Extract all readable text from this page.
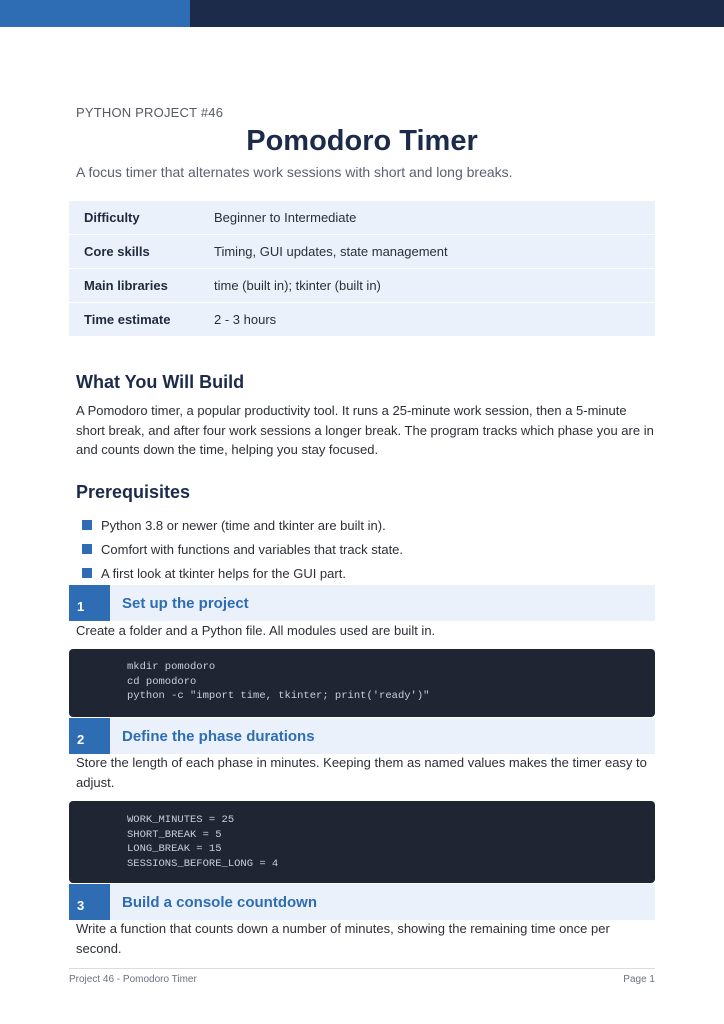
PYTHON PROJECT #46
Pomodoro Timer
A focus timer that alternates work sessions with short and long breaks.
Difficulty	Beginner to Intermediate
Core skills	Timing, GUI updates, state management
Main libraries	time (built in); tkinter (built in)
Time estimate	2 - 3 hours
What You Will Build

A Pomodoro timer, a popular productivity tool. It runs a 25-minute work session, then a 5-minute short break, and after four work sessions a longer break. The program tracks which phase you are in and counts down the time, helping you stay focused.

Prerequisites
Python 3.8 or newer (time and tkinter are built in).
Comfort with functions and variables that track state.
A first look at tkinter helps for the GUI part.
1	Set up the project

Create a folder and a Python file. All modules used are built in.

mkdir pomodoro
cd pomodoro
python -c "import time, tkinter; print('ready')"
2	Define the phase durations

Store the length of each phase in minutes. Keeping them as named values makes the timer easy to adjust.

WORK_MINUTES = 25
SHORT_BREAK = 5
LONG_BREAK = 15
SESSIONS_BEFORE_LONG = 4
3	Build a console countdown

Write a function that counts down a number of minutes, showing the remaining time once per second.

Project 46 - Pomodoro Timer	Page 1
